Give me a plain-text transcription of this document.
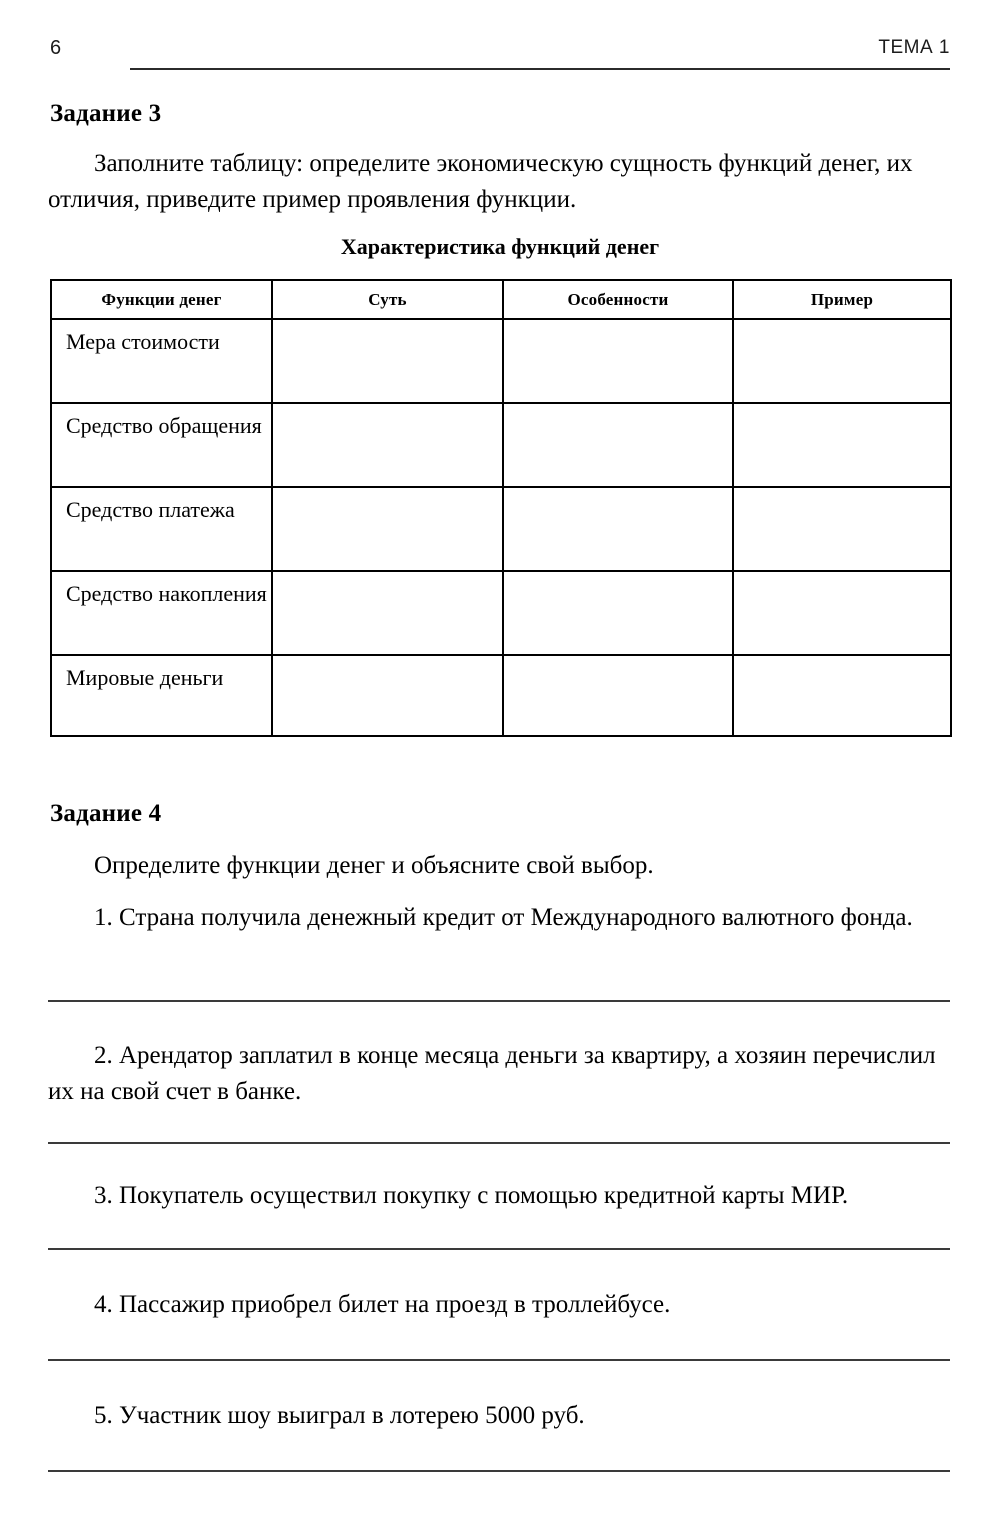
6	ТЕМА 1
Задание 3
Заполните таблицу: определите экономическую сущность функций денег, их отличия, приведите пример проявления функции.
Характеристика функций денег
Функции денег	Суть	Особенности	Пример
Мера стоимости			
Средство обращения			
Средство платежа			
Средство накопления			
Мировые деньги			
Задание 4
Определите функции денег и объясните свой выбор.
1. Страна получила денежный кредит от Международного валютного фонда.
2. Арендатор заплатил в конце месяца деньги за квартиру, а хозяин перечислил их на свой счет в банке.
3. Покупатель осуществил покупку с помощью кредитной карты МИР.
4. Пассажир приобрел билет на проезд в троллейбусе.
5. Участник шоу выиграл в лотерею 5000 руб.
